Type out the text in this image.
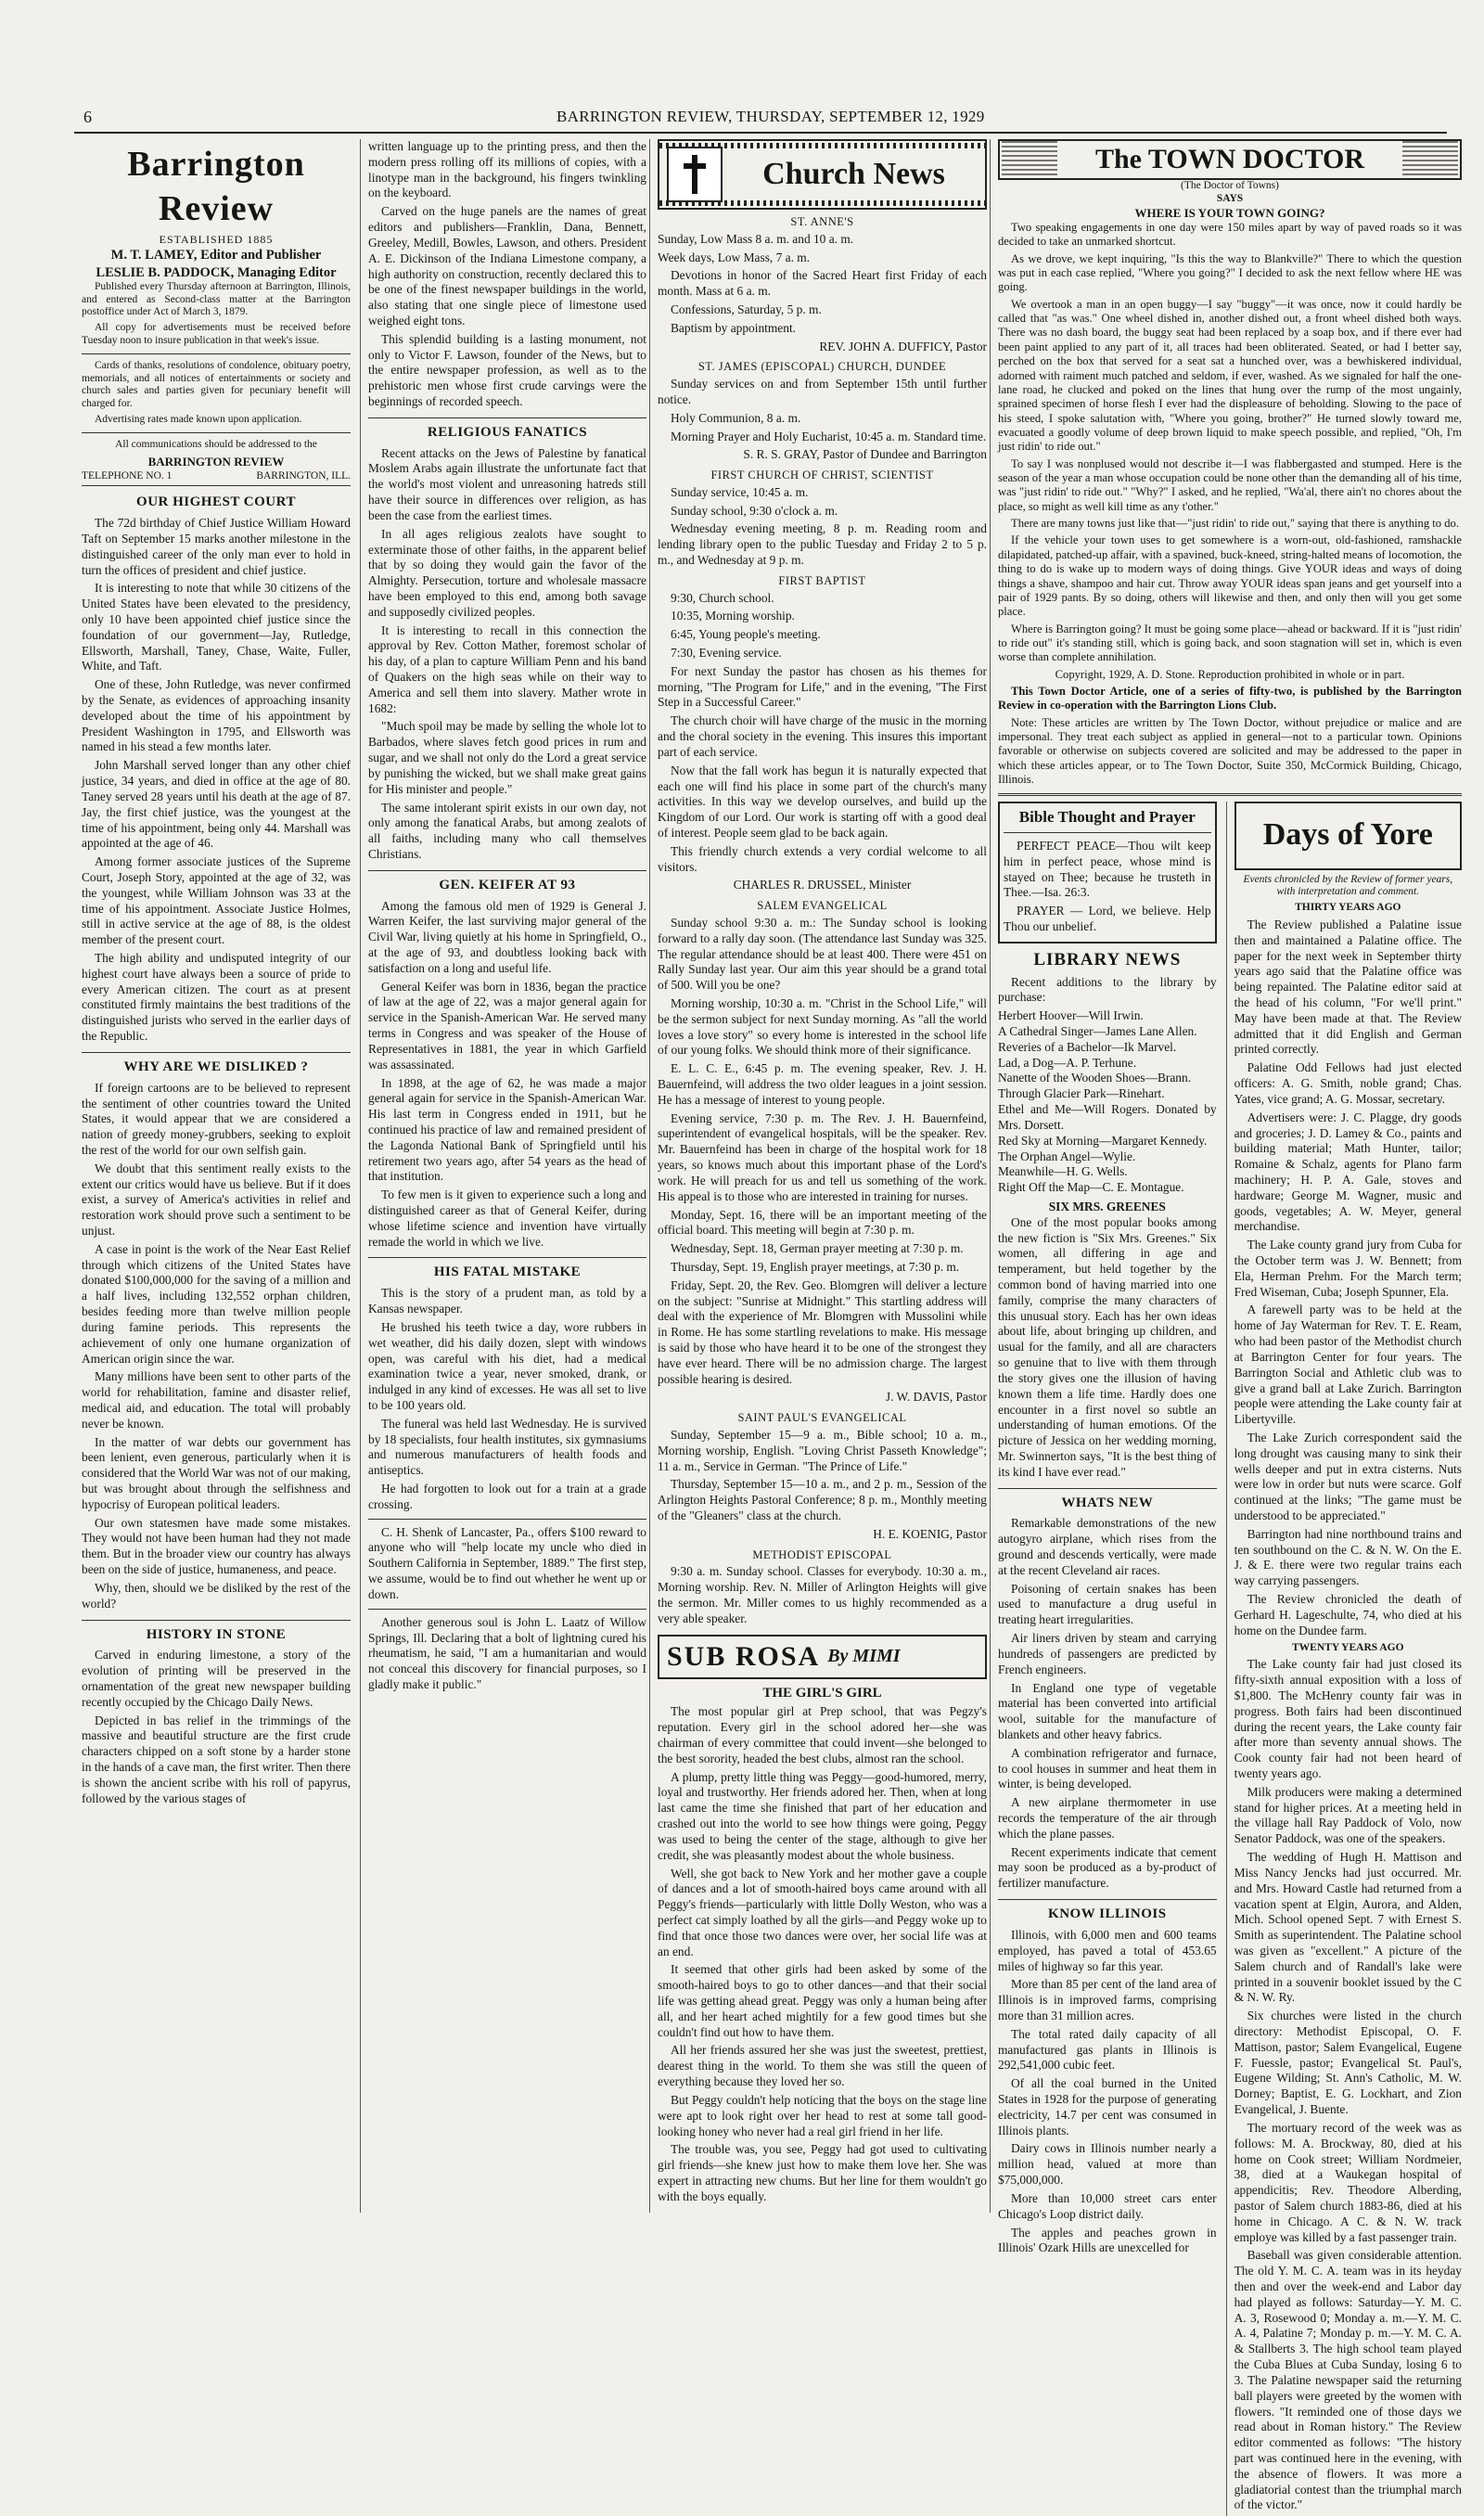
6	BARRINGTON REVIEW, THURSDAY, SEPTEMBER 12, 1929
Barrington Review
ESTABLISHED 1885
M. T. LAMEY, Editor and Publisher
LESLIE B. PADDOCK, Managing Editor

Published every Thursday afternoon at Barrington, Illinois, and entered as Second-class matter at the Barrington postoffice under Act of March 3, 1879.

All copy for advertisements must be received before Tuesday noon to insure publication in that week's issue.

Cards of thanks, resolutions of condolence, obituary poetry, memorials, and all notices of entertainments or society and church sales and parties given for pecuniary benefit will charged for.

Advertising rates made known upon application.

All communications should be addressed to the

BARRINGTON REVIEW
TELEPHONE NO. 1	BARRINGTON, ILL.
OUR HIGHEST COURT

The 72d birthday of Chief Justice William Howard Taft on September 15 marks another milestone in the distinguished career of the only man ever to hold in turn the offices of president and chief justice.

It is interesting to note that while 30 citizens of the United States have been elevated to the presidency, only 10 have been appointed chief justice since the foundation of our government—Jay, Rutledge, Ellsworth, Marshall, Taney, Chase, Waite, Fuller, White, and Taft.

One of these, John Rutledge, was never confirmed by the Senate, as evidences of approaching insanity developed about the time of his appointment by President Washington in 1795, and Ellsworth was named in his stead a few months later.

John Marshall served longer than any other chief justice, 34 years, and died in office at the age of 80. Taney served 28 years until his death at the age of 87. Jay, the first chief justice, was the youngest at the time of his appointment, being only 44. Marshall was appointed at the age of 46.

Among former associate justices of the Supreme Court, Joseph Story, appointed at the age of 32, was the youngest, while William Johnson was 33 at the time of his appointment. Associate Justice Holmes, still in active service at the age of 88, is the oldest member of the present court.

The high ability and undisputed integrity of our highest court have always been a source of pride to every American citizen. The court as at present constituted firmly maintains the best traditions of the distinguished jurists who served in the earlier days of the Republic.

WHY ARE WE DISLIKED ?

If foreign cartoons are to be believed to represent the sentiment of other countries toward the United States, it would appear that we are considered a nation of greedy money-grubbers, seeking to exploit the rest of the world for our own selfish gain.

We doubt that this sentiment really exists to the extent our critics would have us believe. But if it does exist, a survey of America's activities in relief and restoration work should prove such a sentiment to be unjust.

A case in point is the work of the Near East Relief through which citizens of the United States have donated $100,000,000 for the saving of a million and a half lives, including 132,552 orphan children, besides feeding more than twelve million people during famine periods. This represents the achievement of only one humane organization of American origin since the war.

Many millions have been sent to other parts of the world for rehabilitation, famine and disaster relief, medical aid, and education. The total will probably never be known.

In the matter of war debts our government has been lenient, even generous, particularly when it is considered that the World War was not of our making, but was brought about through the selfishness and hypocrisy of European political leaders.

Our own statesmen have made some mistakes. They would not have been human had they not made them. But in the broader view our country has always been on the side of justice, humaneness, and peace.

Why, then, should we be disliked by the rest of the world?

HISTORY IN STONE

Carved in enduring limestone, a story of the evolution of printing will be preserved in the ornamentation of the great new newspaper building recently occupied by the Chicago Daily News.

Depicted in bas relief in the trimmings of the massive and beautiful structure are the first crude characters chipped on a soft stone by a harder stone in the hands of a cave man, the first writer. Then there is shown the ancient scribe with his roll of papyrus, followed by the various stages of

written language up to the printing press, and then the modern press rolling off its millions of copies, with a linotype man in the background, his fingers twinkling on the keyboard.

Carved on the huge panels are the names of great editors and publishers—Franklin, Dana, Bennett, Greeley, Medill, Bowles, Lawson, and others. President A. E. Dickinson of the Indiana Limestone company, a high authority on construction, recently declared this to be one of the finest newspaper buildings in the world, also stating that one single piece of limestone used weighed eight tons.

This splendid building is a lasting monument, not only to Victor F. Lawson, founder of the News, but to the entire newspaper profession, as well as to the prehistoric men whose first crude carvings were the beginnings of recorded speech.

RELIGIOUS FANATICS

Recent attacks on the Jews of Palestine by fanatical Moslem Arabs again illustrate the unfortunate fact that the world's most violent and unreasoning hatreds still have their source in differences over religion, as has been the case from the earliest times.

In all ages religious zealots have sought to exterminate those of other faiths, in the apparent belief that by so doing they would gain the favor of the Almighty. Persecution, torture and wholesale massacre have been employed to this end, among both savage and supposedly civilized peoples.

It is interesting to recall in this connection the approval by Rev. Cotton Mather, foremost scholar of his day, of a plan to capture William Penn and his band of Quakers on the high seas while on their way to America and sell them into slavery. Mather wrote in 1682:

"Much spoil may be made by selling the whole lot to Barbados, where slaves fetch good prices in rum and sugar, and we shall not only do the Lord a great service by punishing the wicked, but we shall make great gains for His minister and people."

The same intolerant spirit exists in our own day, not only among the fanatical Arabs, but among zealots of all faiths, including many who call themselves Christians.

GEN. KEIFER AT 93

Among the famous old men of 1929 is General J. Warren Keifer, the last surviving major general of the Civil War, living quietly at his home in Springfield, O., at the age of 93, and doubtless looking back with satisfaction on a long and useful life.

General Keifer was born in 1836, began the practice of law at the age of 22, was a major general again for service in the Spanish-American War. He served many terms in Congress and was speaker of the House of Representatives in 1881, the year in which Garfield was assassinated.

In 1898, at the age of 62, he was made a major general again for service in the Spanish-American War. His last term in Congress ended in 1911, but he continued his practice of law and remained president of the Lagonda National Bank of Springfield until his retirement two years ago, after 54 years as the head of that institution.

To few men is it given to experience such a long and distinguished career as that of General Keifer, during whose lifetime science and invention have virtually remade the world in which we live.

HIS FATAL MISTAKE

This is the story of a prudent man, as told by a Kansas newspaper.

He brushed his teeth twice a day, wore rubbers in wet weather, did his daily dozen, slept with windows open, was careful with his diet, had a medical examination twice a year, never smoked, drank, or indulged in any kind of excesses. He was all set to live to be 100 years old.

The funeral was held last Wednesday. He is survived by 18 specialists, four health institutes, six gymnasiums and numerous manufacturers of health foods and antiseptics.

He had forgotten to look out for a train at a grade crossing.

C. H. Shenk of Lancaster, Pa., offers $100 reward to anyone who will "help locate my uncle who died in Southern California in September, 1889." The first step, we assume, would be to find out whether he went up or down.

Another generous soul is John L. Laatz of Willow Springs, Ill. Declaring that a bolt of lightning cured his rheumatism, he said, "I am a humanitarian and would not conceal this discovery for financial purposes, so I gladly make it public."

Church News
ST. ANNE'S

Sunday, Low Mass 8 a. m. and 10 a. m.

Week days, Low Mass, 7 a. m.

Devotions in honor of the Sacred Heart first Friday of each month. Mass at 6 a. m.

Confessions, Saturday, 5 p. m.

Baptism by appointment.

REV. JOHN A. DUFFICY, Pastor
ST. JAMES (EPISCOPAL) CHURCH, DUNDEE

Sunday services on and from September 15th until further notice.

Holy Communion, 8 a. m.

Morning Prayer and Holy Eucharist, 10:45 a. m. Standard time.

S. R. S. GRAY, Pastor of Dundee and Barrington
FIRST CHURCH OF CHRIST, SCIENTIST

Sunday service, 10:45 a. m.

Sunday school, 9:30 o'clock a. m.

Wednesday evening meeting, 8 p. m. Reading room and lending library open to the public Tuesday and Friday 2 to 5 p. m., and Wednesday at 9 p. m.

FIRST BAPTIST

9:30, Church school.

10:35, Morning worship.

6:45, Young people's meeting.

7:30, Evening service.

For next Sunday the pastor has chosen as his themes for morning, "The Program for Life," and in the evening, "The First Step in a Successful Career."

The church choir will have charge of the music in the morning and the choral society in the evening. This insures this important part of each service.

Now that the fall work has begun it is naturally expected that each one will find his place in some part of the church's many activities. In this way we develop ourselves, and build up the Kingdom of our Lord. Our work is starting off with a good deal of interest. People seem glad to be back again.

This friendly church extends a very cordial welcome to all visitors.

CHARLES R. DRUSSEL, Minister
SALEM EVANGELICAL

Sunday school 9:30 a. m.: The Sunday school is looking forward to a rally day soon. (The attendance last Sunday was 325. The regular attendance should be at least 400. There were 451 on Rally Sunday last year. Our aim this year should be a grand total of 500. Will you be one?

Morning worship, 10:30 a. m. "Christ in the School Life," will be the sermon subject for next Sunday morning. As "all the world loves a love story" so every home is interested in the school life of our young folks. We should think more of their significance.

E. L. C. E., 6:45 p. m. The evening speaker, Rev. J. H. Bauernfeind, will address the two older leagues in a joint session. He has a message of interest to young people.

Evening service, 7:30 p. m. The Rev. J. H. Bauernfeind, superintendent of evangelical hospitals, will be the speaker. Rev. Mr. Bauernfeind has been in charge of the hospital work for 18 years, so knows much about this important phase of the Lord's work. He will preach for us and tell us something of the work. His appeal is to those who are interested in training for nurses.

Monday, Sept. 16, there will be an important meeting of the official board. This meeting will begin at 7:30 p. m.

Wednesday, Sept. 18, German prayer meeting at 7:30 p. m.

Thursday, Sept. 19, English prayer meetings, at 7:30 p. m.

Friday, Sept. 20, the Rev. Geo. Blomgren will deliver a lecture on the subject: "Sunrise at Midnight." This startling address will deal with the experience of Mr. Blomgren with Mussolini while in Rome. He has some startling revelations to make. His message is said by those who have heard it to be one of the strongest they have ever heard. There will be no admission charge. The largest possible hearing is desired.

J. W. DAVIS, Pastor
SAINT PAUL'S EVANGELICAL

Sunday, September 15—9 a. m., Bible school; 10 a. m., Morning worship, English. "Loving Christ Passeth Knowledge"; 11 a. m., Service in German. "The Prince of Life."

Thursday, September 15—10 a. m., and 2 p. m., Session of the Arlington Heights Pastoral Conference; 8 p. m., Monthly meeting of the "Gleaners" class at the church.

H. E. KOENIG, Pastor
METHODIST EPISCOPAL

9:30 a. m. Sunday school. Classes for everybody. 10:30 a. m., Morning worship. Rev. N. Miller of Arlington Heights will give the sermon. Mr. Miller comes to us highly recommended as a very able speaker.

SUB ROSA By MIMI
THE GIRL'S GIRL

The most popular girl at Prep school, that was Pegzy's reputation. Every girl in the school adored her—she was chairman of every committee that could invent—she belonged to the best sorority, headed the best clubs, almost ran the school.

A plump, pretty little thing was Peggy—good-humored, merry, loyal and trustworthy. Her friends adored her. Then, when at long last came the time she finished that part of her education and crashed out into the world to see how things were going, Peggy was used to being the center of the stage, although to give her credit, she was pleasantly modest about the whole business.

Well, she got back to New York and her mother gave a couple of dances and a lot of smooth-haired boys came around with all Peggy's friends—particularly with little Dolly Weston, who was a perfect cat simply loathed by all the girls—and Peggy woke up to find that once those two dances were over, her social life was at an end.

It seemed that other girls had been asked by some of the smooth-haired boys to go to other dances—and that their social life was getting ahead great. Peggy was only a human being after all, and her heart ached mightily for a few good times but she couldn't find out how to have them.

All her friends assured her she was just the sweetest, prettiest, dearest thing in the world. To them she was still the queen of everything because they loved her so.

But Peggy couldn't help noticing that the boys on the stage line were apt to look right over her head to rest at some tall good-looking honey who never had a real girl friend in her life.

The trouble was, you see, Peggy had got used to cultivating girl friends—she knew just how to make them love her. She was expert in attracting new chums. But her line for them wouldn't go with the boys equally.

The TOWN DOCTOR
(The Doctor of Towns)
SAYS
WHERE IS YOUR TOWN GOING?

Two speaking engagements in one day were 150 miles apart by way of paved roads so it was decided to take an unmarked shortcut.

As we drove, we kept inquiring, "Is this the way to Blankville?" There to which the question was put in each case replied, "Where you going?" I decided to ask the next fellow where HE was going.

We overtook a man in an open buggy—I say "buggy"—it was once, now it could hardly be called that "as was." One wheel dished in, another dished out, a front wheel dished both ways. There was no dash board, the buggy seat had been replaced by a soap box, and if there ever had been paint applied to any part of it, all traces had been obliterated. Seated, or had I better say, perched on the box that served for a seat sat a hunched over, was a bewhiskered individual, adorned with raiment much patched and seldom, if ever, washed. As we signaled for half the one-lane road, he clucked and poked on the lines that hung over the rump of the most ungainly, sprained specimen of horse flesh I ever had the displeasure of beholding. Slowing to the pace of his steed, I spoke salutation with, "Where you going, brother?" He turned slowly toward me, evacuated a goodly volume of deep brown liquid to make speech possible, and replied, "Oh, I'm just ridin' to ride out."

To say I was nonplused would not describe it—I was flabbergasted and stumped. Here is the season of the year a man whose occupation could be none other than the demanding all of his time, was "just ridin' to ride out." "Why?" I asked, and he replied, "Wa'al, there ain't no chores about the place, so might as well kill time as any t'other."

There are many towns just like that—"just ridin' to ride out," saying that there is anything to do.

If the vehicle your town uses to get somewhere is a worn-out, old-fashioned, ramshackle dilapidated, patched-up affair, with a spavined, buck-kneed, string-halted means of locomotion, the thing to do is wake up to modern ways of doing things. Give YOUR ideas and ways of doing things a shave, shampoo and hair cut. Throw away YOUR ideas span jeans and get yourself into a pair of 1929 pants. By so doing, others will likewise and then, and only then will you get some place.

Where is Barrington going? It must be going some place—ahead or backward. If it is "just ridin' to ride out" it's standing still, which is going back, and soon stagnation will set in, which is even worse than complete annihilation.

Copyright, 1929, A. D. Stone. Reproduction prohibited in whole or in part.

This Town Doctor Article, one of a series of fifty-two, is published by the Barrington Review in co-operation with the Barrington Lions Club.

Note: These articles are written by The Town Doctor, without prejudice or malice and are impersonal. They treat each subject as applied in general—not to a particular town. Opinions favorable or otherwise on subjects covered are solicited and may be addressed to the paper in which these articles appear, or to The Town Doctor, Suite 350, McCormick Building, Chicago, Illinois.

Bible Thought and Prayer

PERFECT PEACE—Thou wilt keep him in perfect peace, whose mind is stayed on Thee; because he trusteth in Thee.—Isa. 26:3.

PRAYER — Lord, we believe. Help Thou our unbelief.

LIBRARY NEWS

Recent additions to the library by purchase:

Herbert Hoover—Will Irwin.
A Cathedral Singer—James Lane Allen.
Reveries of a Bachelor—Ik Marvel.
Lad, a Dog—A. P. Terhune.
Nanette of the Wooden Shoes—Brann.
Through Glacier Park—Rinehart.
Ethel and Me—Will Rogers. Donated by Mrs. Dorsett.
Red Sky at Morning—Margaret Kennedy.
The Orphan Angel—Wylie.
Meanwhile—H. G. Wells.
Right Off the Map—C. E. Montague.
SIX MRS. GREENES

One of the most popular books among the new fiction is "Six Mrs. Greenes." Six women, all differing in age and temperament, but held together by the common bond of having married into one family, comprise the many characters of this unusual story. Each has her own ideas about life, about bringing up children, and usual for the family, and all are characters so genuine that to live with them through the story gives one the illusion of having known them a life time. Hardly does one encounter in a first novel so subtle an understanding of human emotions. Of the picture of Jessica on her wedding morning, Mr. Swinnerton says, "It is the best thing of its kind I have ever read."

WHATS NEW

Remarkable demonstrations of the new autogyro airplane, which rises from the ground and descends vertically, were made at the recent Cleveland air races.

Poisoning of certain snakes has been used to manufacture a drug useful in treating heart irregularities.

Air liners driven by steam and carrying hundreds of passengers are predicted by French engineers.

In England one type of vegetable material has been converted into artificial wool, suitable for the manufacture of blankets and other heavy fabrics.

A combination refrigerator and furnace, to cool houses in summer and heat them in winter, is being developed.

A new airplane thermometer in use records the temperature of the air through which the plane passes.

Recent experiments indicate that cement may soon be produced as a by-product of fertilizer manufacture.

KNOW ILLINOIS

Illinois, with 6,000 men and 600 teams employed, has paved a total of 453.65 miles of highway so far this year.

More than 85 per cent of the land area of Illinois is in improved farms, comprising more than 31 million acres.

The total rated daily capacity of all manufactured gas plants in Illinois is 292,541,000 cubic feet.

Of all the coal burned in the United States in 1928 for the purpose of generating electricity, 14.7 per cent was consumed in Illinois plants.

Dairy cows in Illinois number nearly a million head, valued at more than $75,000,000.

More than 10,000 street cars enter Chicago's Loop district daily.

The apples and peaches grown in Illinois' Ozark Hills are unexcelled for

Days of Yore
Events chronicled by the Review of former years, with interpretation and comment.
THIRTY YEARS AGO

The Review published a Palatine issue then and maintained a Palatine office. The paper for the next week in September thirty years ago said that the Palatine office was being repainted. The Palatine editor said at the head of his column, "For we'll print." May have been made at that. The Review admitted that it did English and German printed correctly.

Palatine Odd Fellows had just elected officers: A. G. Smith, noble grand; Chas. Yates, vice grand; A. G. Mossar, secretary.

Advertisers were: J. C. Plagge, dry goods and groceries; J. D. Lamey & Co., paints and building material; Math Hunter, tailor; Romaine & Schalz, agents for Plano farm machinery; H. P. A. Gale, stoves and hardware; George M. Wagner, music and goods, vegetables; A. W. Meyer, general merchandise.

The Lake county grand jury from Cuba for the October term was J. W. Bennett; from Ela, Herman Prehm. For the March term; Fred Wiseman, Cuba; Joseph Spunner, Ela.

A farewell party was to be held at the home of Jay Waterman for Rev. T. E. Ream, who had been pastor of the Methodist church at Barrington Center for four years. The Barrington Social and Athletic club was to give a grand ball at Lake Zurich. Barrington people were attending the Lake county fair at Libertyville.

The Lake Zurich correspondent said the long drought was causing many to sink their wells deeper and put in extra cisterns. Nuts were low in order but nuts were scarce. Golf continued at the links; "The game must be understood to be appreciated."

Barrington had nine northbound trains and ten southbound on the C. & N. W. On the E. J. & E. there were two regular trains each way carrying passengers.

The Review chronicled the death of Gerhard H. Lageschulte, 74, who died at his home on the Dundee farm.

TWENTY YEARS AGO

The Lake county fair had just closed its fifty-sixth annual exposition with a loss of $1,800. The McHenry county fair was in progress. Both fairs had been discontinued during the recent years, the Lake county fair after more than seventy annual shows. The Cook county fair had not been heard of twenty years ago.

Milk producers were making a determined stand for higher prices. At a meeting held in the village hall Ray Paddock of Volo, now Senator Paddock, was one of the speakers.

The wedding of Hugh H. Mattison and Miss Nancy Jencks had just occurred. Mr. and Mrs. Howard Castle had returned from a vacation spent at Elgin, Aurora, and Alden, Mich. School opened Sept. 7 with Ernest S. Smith as superintendent. The Palatine school was given as "excellent." A picture of the Salem church and of Randall's lake were printed in a souvenir booklet issued by the C & N. W. Ry.

Six churches were listed in the church directory: Methodist Episcopal, O. F. Mattison, pastor; Salem Evangelical, Eugene F. Fuessle, pastor; Evangelical St. Paul's, Eugene Wilding; St. Ann's Catholic, M. W. Dorney; Baptist, E. G. Lockhart, and Zion Evangelical, J. Buente.

The mortuary record of the week was as follows: M. A. Brockway, 80, died at his home on Cook street; William Nordmeier, 38, died at a Waukegan hospital of appendicitis; Rev. Theodore Alberding, pastor of Salem church 1883-86, died at his home in Chicago. A C. & N. W. track employe was killed by a fast passenger train.

Baseball was given considerable attention. The old Y. M. C. A. team was in its heyday then and over the week-end and Labor day had played as follows: Saturday—Y. M. C. A. 3, Rosewood 0; Monday a. m.—Y. M. C. A. 4, Palatine 7; Monday p. m.—Y. M. C. A. & Stallberts 3. The high school team played the Cuba Blues at Cuba Sunday, losing 6 to 3. The Palatine newspaper said the returning ball players were greeted by the women with flowers. "It reminded one of those days we read about in Roman history." The Review editor commented as follows: "The history part was continued here in the evening, with the absence of flowers. It was more a gladiatorial contest than the triumphal march of the victor."
